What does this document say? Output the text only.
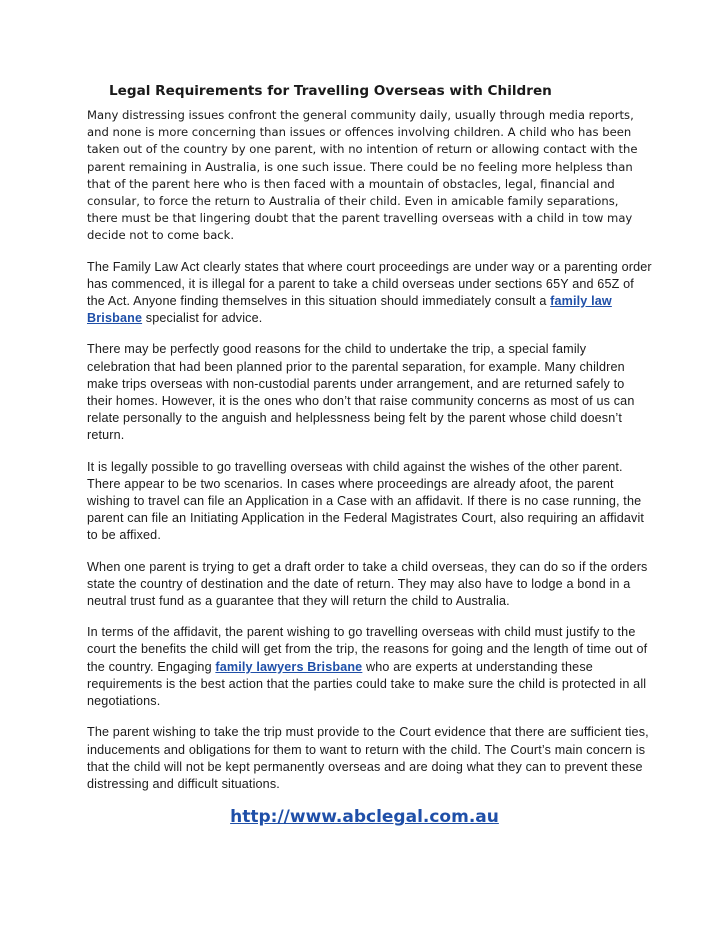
Legal Requirements for Travelling Overseas with Children

Many distressing issues confront the general community daily, usually through media reports, and none is more concerning than issues or offences involving children. A child who has been taken out of the country by one parent, with no intention of return or allowing contact with the parent remaining in Australia, is one such issue. There could be no feeling more helpless than that of the parent here who is then faced with a mountain of obstacles, legal, financial and consular, to force the return to Australia of their child. Even in amicable family separations, there must be that lingering doubt that the parent travelling overseas with a child in tow may decide not to come back.

The Family Law Act clearly states that where court proceedings are under way or a parenting order has commenced, it is illegal for a parent to take a child overseas under sections 65Y and 65Z of the Act. Anyone finding themselves in this situation should immediately consult a family law Brisbane specialist for advice.

There may be perfectly good reasons for the child to undertake the trip, a special family celebration that had been planned prior to the parental separation, for example. Many children make trips overseas with non-custodial parents under arrangement, and are returned safely to their homes. However, it is the ones who don’t that raise community concerns as most of us can relate personally to the anguish and helplessness being felt by the parent whose child doesn’t return.

It is legally possible to go travelling overseas with child against the wishes of the other parent. There appear to be two scenarios. In cases where proceedings are already afoot, the parent wishing to travel can file an Application in a Case with an affidavit. If there is no case running, the parent can file an Initiating Application in the Federal Magistrates Court, also requiring an affidavit to be affixed.

When one parent is trying to get a draft order to take a child overseas, they can do so if the orders state the country of destination and the date of return. They may also have to lodge a bond in a neutral trust fund as a guarantee that they will return the child to Australia.

In terms of the affidavit, the parent wishing to go travelling overseas with child must justify to the court the benefits the child will get from the trip, the reasons for going and the length of time out of the country. Engaging family lawyers Brisbane who are experts at understanding these requirements is the best action that the parties could take to make sure the child is protected in all negotiations.

The parent wishing to take the trip must provide to the Court evidence that there are sufficient ties, inducements and obligations for them to want to return with the child. The Court’s main concern is that the child will not be kept permanently overseas and are doing what they can to prevent these distressing and difficult situations.

http://www.abclegal.com.au
